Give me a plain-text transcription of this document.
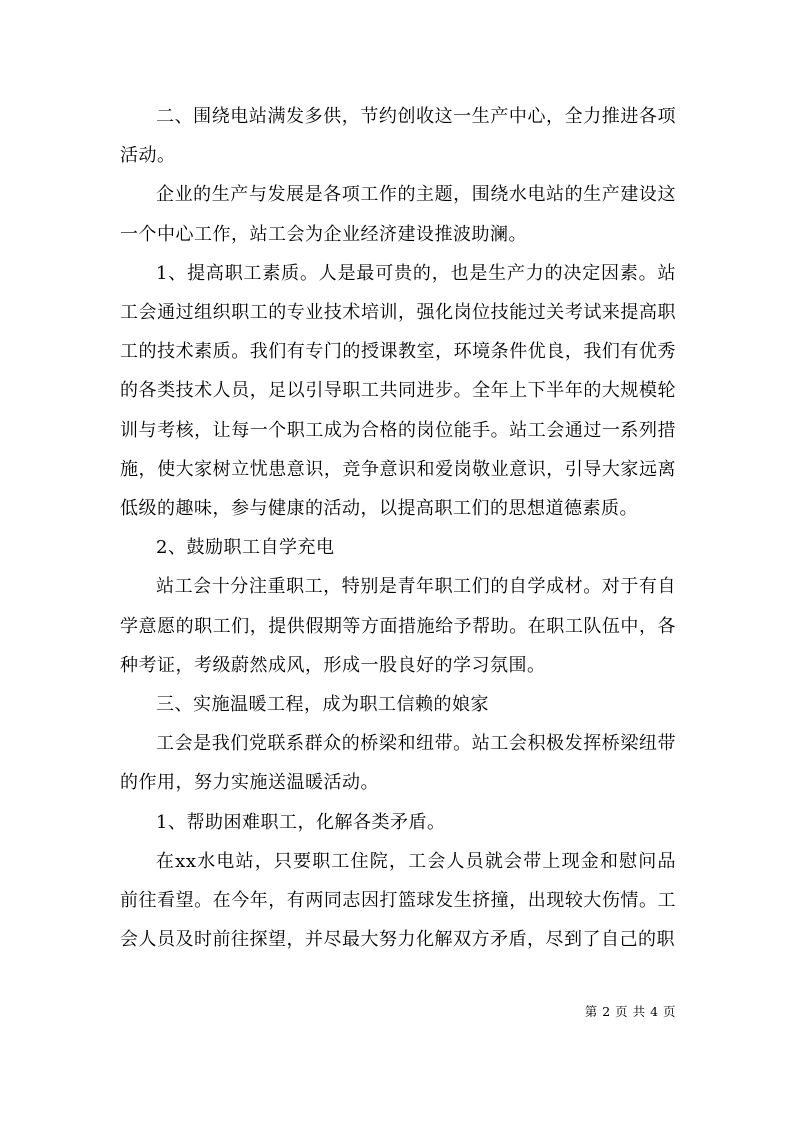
二、围绕电站满发多供，节约创收这一生产中心，全力推进各项活动。

企业的生产与发展是各项工作的主题，围绕水电站的生产建设这一个中心工作，站工会为企业经济建设推波助澜。

1、提高职工素质。人是最可贵的，也是生产力的决定因素。站工会通过组织职工的专业技术培训，强化岗位技能过关考试来提高职工的技术素质。我们有专门的授课教室，环境条件优良，我们有优秀的各类技术人员，足以引导职工共同进步。全年上下半年的大规模轮训与考核，让每一个职工成为合格的岗位能手。站工会通过一系列措施，使大家树立忧患意识，竞争意识和爱岗敬业意识，引导大家远离低级的趣味，参与健康的活动，以提高职工们的思想道德素质。

2、鼓励职工自学充电

站工会十分注重职工，特别是青年职工们的自学成材。对于有自学意愿的职工们，提供假期等方面措施给予帮助。在职工队伍中，各种考证，考级蔚然成风，形成一股良好的学习氛围。

三、实施温暖工程，成为职工信赖的娘家

工会是我们党联系群众的桥梁和纽带。站工会积极发挥桥梁纽带的作用，努力实施送温暖活动。

1、帮助困难职工，化解各类矛盾。

在xx水电站，只要职工住院，工会人员就会带上现金和慰问品前往看望。在今年，有两同志因打篮球发生挤撞，出现较大伤情。工会人员及时前往探望，并尽最大努力化解双方矛盾，尽到了自己的职

第 2 页 共 4 页
